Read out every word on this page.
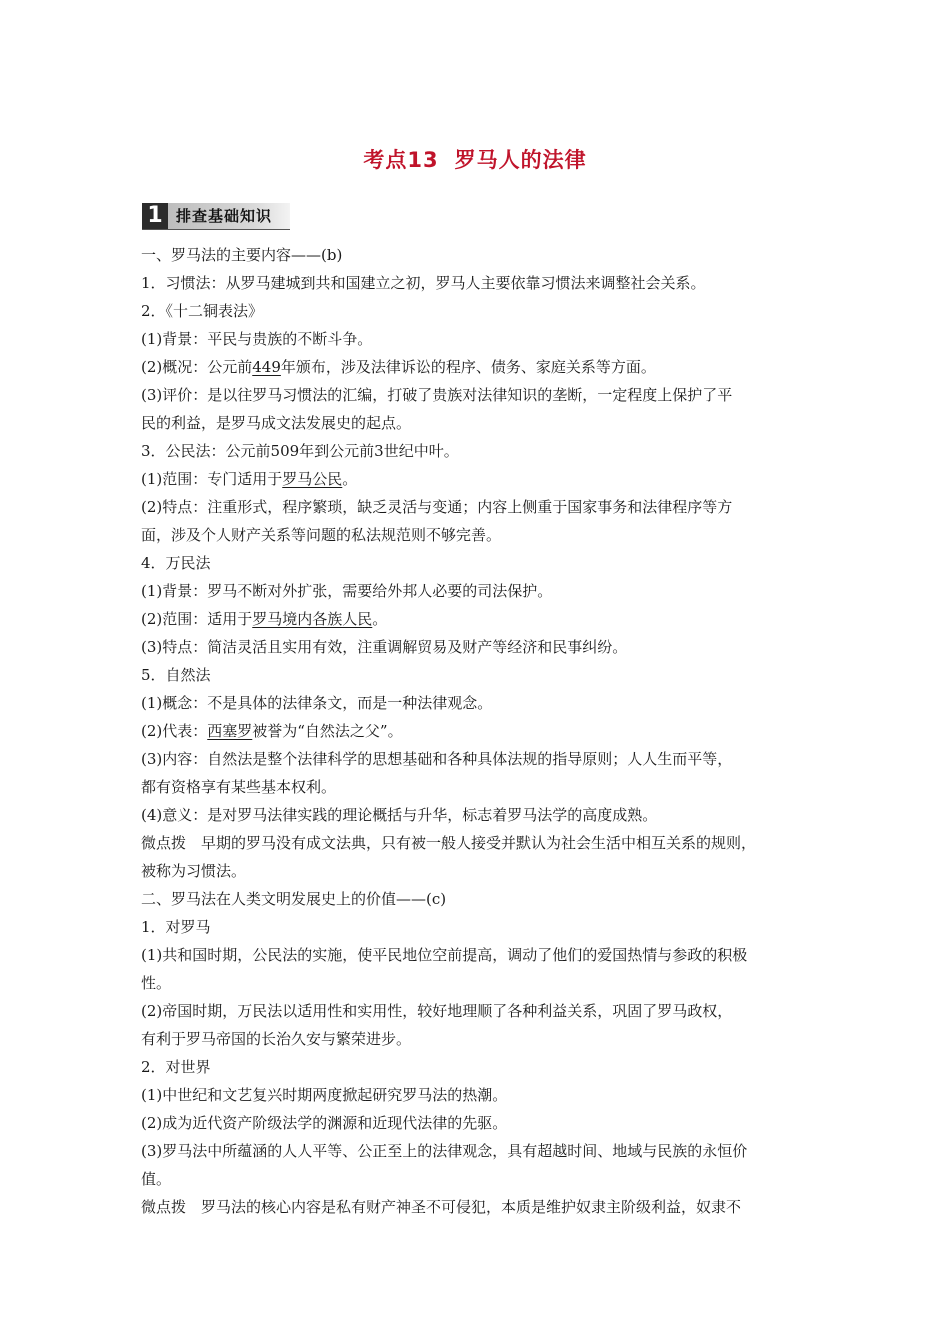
考点13 罗马人的法律
1 排查基础知识

一、罗马法的主要内容——(b)

1．习惯法：从罗马建城到共和国建立之初，罗马人主要依靠习惯法来调整社会关系。

2．《十二铜表法》

(1)背景：平民与贵族的不断斗争。

(2)概况：公元前449年颁布，涉及法律诉讼的程序、债务、家庭关系等方面。

(3)评价：是以往罗马习惯法的汇编，打破了贵族对法律知识的垄断，一定程度上保护了平

民的利益，是罗马成文法发展史的起点。

3．公民法：公元前509年到公元前3世纪中叶。

(1)范围：专门适用于罗马公民。

(2)特点：注重形式，程序繁琐，缺乏灵活与变通；内容上侧重于国家事务和法律程序等方

面，涉及个人财产关系等问题的私法规范则不够完善。

4．万民法

(1)背景：罗马不断对外扩张，需要给外邦人必要的司法保护。

(2)范围：适用于罗马境内各族人民。

(3)特点：简洁灵活且实用有效，注重调解贸易及财产等经济和民事纠纷。

5．自然法

(1)概念：不是具体的法律条文，而是一种法律观念。

(2)代表：西塞罗被誉为“自然法之父”。

(3)内容：自然法是整个法律科学的思想基础和各种具体法规的指导原则；人人生而平等，

都有资格享有某些基本权利。

(4)意义：是对罗马法律实践的理论概括与升华，标志着罗马法学的高度成熟。

微点拨　早期的罗马没有成文法典，只有被一般人接受并默认为社会生活中相互关系的规则，

被称为习惯法。

二、罗马法在人类文明发展史上的价值——(c)

1．对罗马

(1)共和国时期，公民法的实施，使平民地位空前提高，调动了他们的爱国热情与参政的积极

性。

(2)帝国时期，万民法以适用性和实用性，较好地理顺了各种利益关系，巩固了罗马政权，

有利于罗马帝国的长治久安与繁荣进步。

2．对世界

(1)中世纪和文艺复兴时期两度掀起研究罗马法的热潮。

(2)成为近代资产阶级法学的渊源和近现代法律的先驱。

(3)罗马法中所蕴涵的人人平等、公正至上的法律观念，具有超越时间、地域与民族的永恒价

值。

微点拨　罗马法的核心内容是私有财产神圣不可侵犯，本质是维护奴隶主阶级利益，奴隶不
